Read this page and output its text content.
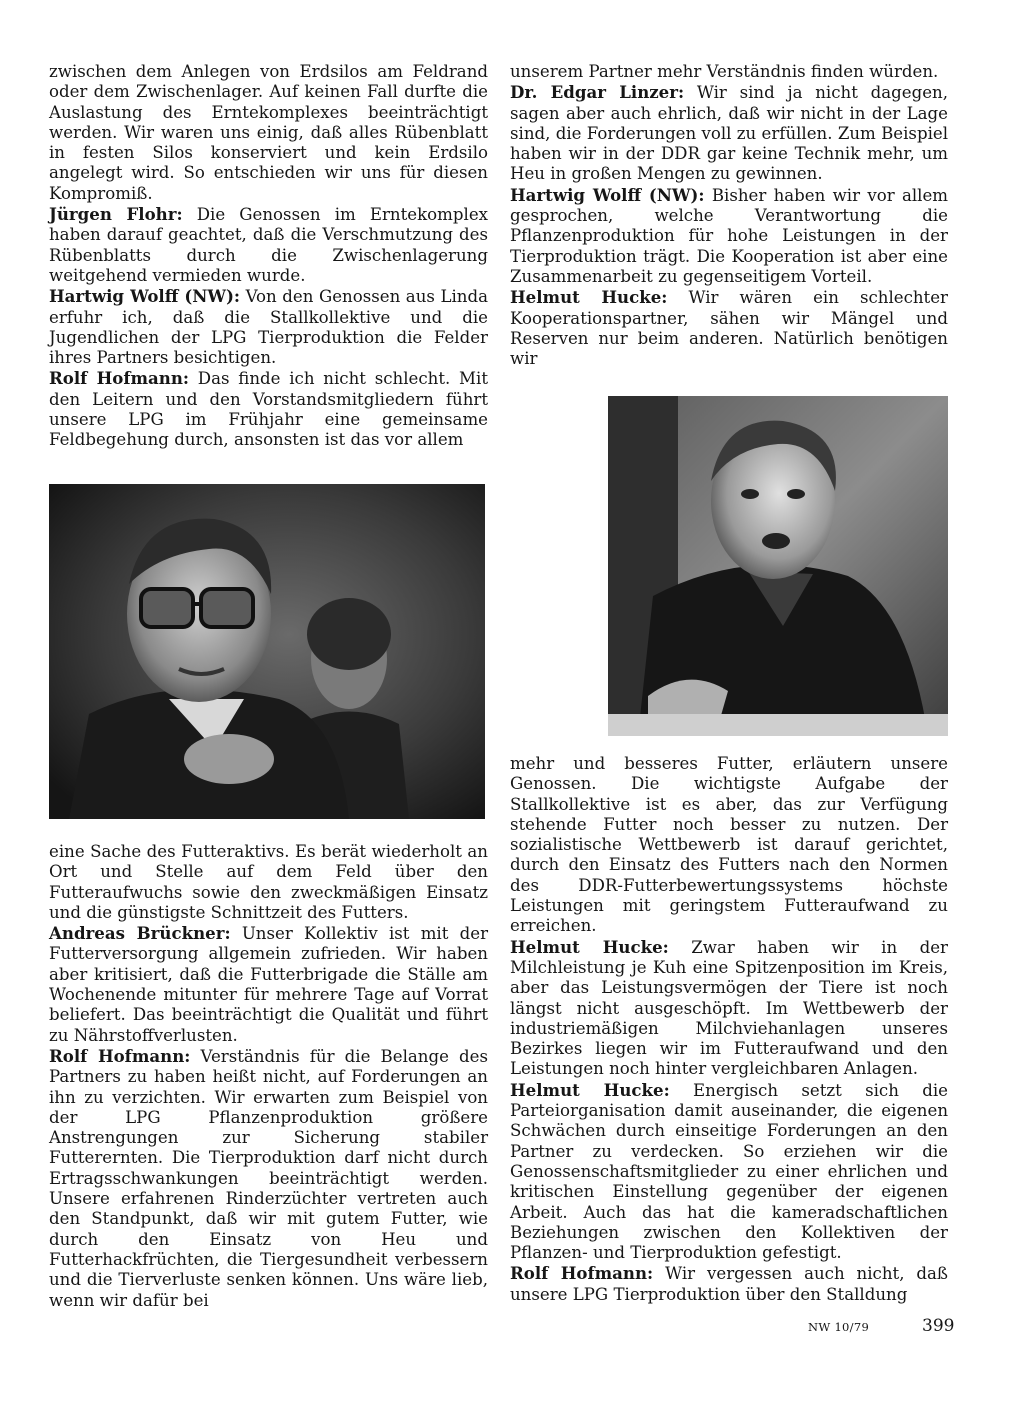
zwischen dem Anlegen von Erdsilos am Feldrand oder dem Zwischenlager. Auf keinen Fall durfte die Auslastung des Erntekomplexes beeinträchtigt werden. Wir waren uns einig, daß alles Rübenblatt in festen Silos konserviert und kein Erdsilo angelegt wird. So entschieden wir uns für diesen Kompromiß.

Jürgen Flohr: Die Genossen im Erntekomplex haben darauf geachtet, daß die Verschmutzung des Rübenblatts durch die Zwischenlagerung weitgehend vermieden wurde.

Hartwig Wolff (NW): Von den Genossen aus Linda erfuhr ich, daß die Stallkollektive und die Jugendlichen der LPG Tierproduktion die Felder ihres Partners besichtigen.

Rolf Hofmann: Das finde ich nicht schlecht. Mit den Leitern und den Vorstandsmitgliedern führt unsere LPG im Frühjahr eine gemeinsame Feldbegehung durch, ansonsten ist das vor allem

eine Sache des Futteraktivs. Es berät wiederholt an Ort und Stelle auf dem Feld über den Futteraufwuchs sowie den zweckmäßigen Einsatz und die günstigste Schnittzeit des Futters.

Andreas Brückner: Unser Kollektiv ist mit der Futterversorgung allgemein zufrieden. Wir haben aber kritisiert, daß die Futterbrigade die Ställe am Wochenende mitunter für mehrere Tage auf Vorrat beliefert. Das beeinträchtigt die Qualität und führt zu Nährstoffverlusten.

Rolf Hofmann: Verständnis für die Belange des Partners zu haben heißt nicht, auf Forderungen an ihn zu verzichten. Wir erwarten zum Beispiel von der LPG Pflanzenproduktion größere Anstrengungen zur Sicherung stabiler Futterernten. Die Tierproduktion darf nicht durch Ertragsschwankungen beeinträchtigt werden. Unsere erfahrenen Rinderzüchter vertreten auch den Standpunkt, daß wir mit gutem Futter, wie durch den Einsatz von Heu und Futterhackfrüchten, die Tiergesundheit verbessern und die Tierverluste senken können. Uns wäre lieb, wenn wir dafür bei

unserem Partner mehr Verständnis finden würden.

Dr. Edgar Linzer: Wir sind ja nicht dagegen, sagen aber auch ehrlich, daß wir nicht in der Lage sind, die Forderungen voll zu erfüllen. Zum Beispiel haben wir in der DDR gar keine Technik mehr, um Heu in großen Mengen zu gewinnen.

Hartwig Wolff (NW): Bisher haben wir vor allem gesprochen, welche Verantwortung die Pflanzenproduktion für hohe Leistungen in der Tierproduktion trägt. Die Kooperation ist aber eine Zusammenarbeit zu gegenseitigem Vorteil.

Helmut Hucke: Wir wären ein schlechter Kooperationspartner, sähen wir Mängel und Reserven nur beim anderen. Natürlich benötigen wir

mehr und besseres Futter, erläutern unsere Genossen. Die wichtigste Aufgabe der Stallkollektive ist es aber, das zur Verfügung stehende Futter noch besser zu nutzen. Der sozialistische Wettbewerb ist darauf gerichtet, durch den Einsatz des Futters nach den Normen des DDR-Futterbewertungssystems höchste Leistungen mit geringstem Futteraufwand zu erreichen.

Helmut Hucke: Zwar haben wir in der Milchleistung je Kuh eine Spitzenposition im Kreis, aber das Leistungsvermögen der Tiere ist noch längst nicht ausgeschöpft. Im Wettbewerb der industriemäßigen Milchviehanlagen unseres Bezirkes liegen wir im Futteraufwand und den Leistungen noch hinter vergleichbaren Anlagen.

Helmut Hucke: Energisch setzt sich die Parteiorganisation damit auseinander, die eigenen Schwächen durch einseitige Forderungen an den Partner zu verdecken. So erziehen wir die Genossenschaftsmitglieder zu einer ehrlichen und kritischen Einstellung gegenüber der eigenen Arbeit. Auch das hat die kameradschaftlichen Beziehungen zwischen den Kollektiven der Pflanzen- und Tierproduktion gefestigt.

Rolf Hofmann: Wir vergessen auch nicht, daß unsere LPG Tierproduktion über den Stalldung

NW 10/79	399
